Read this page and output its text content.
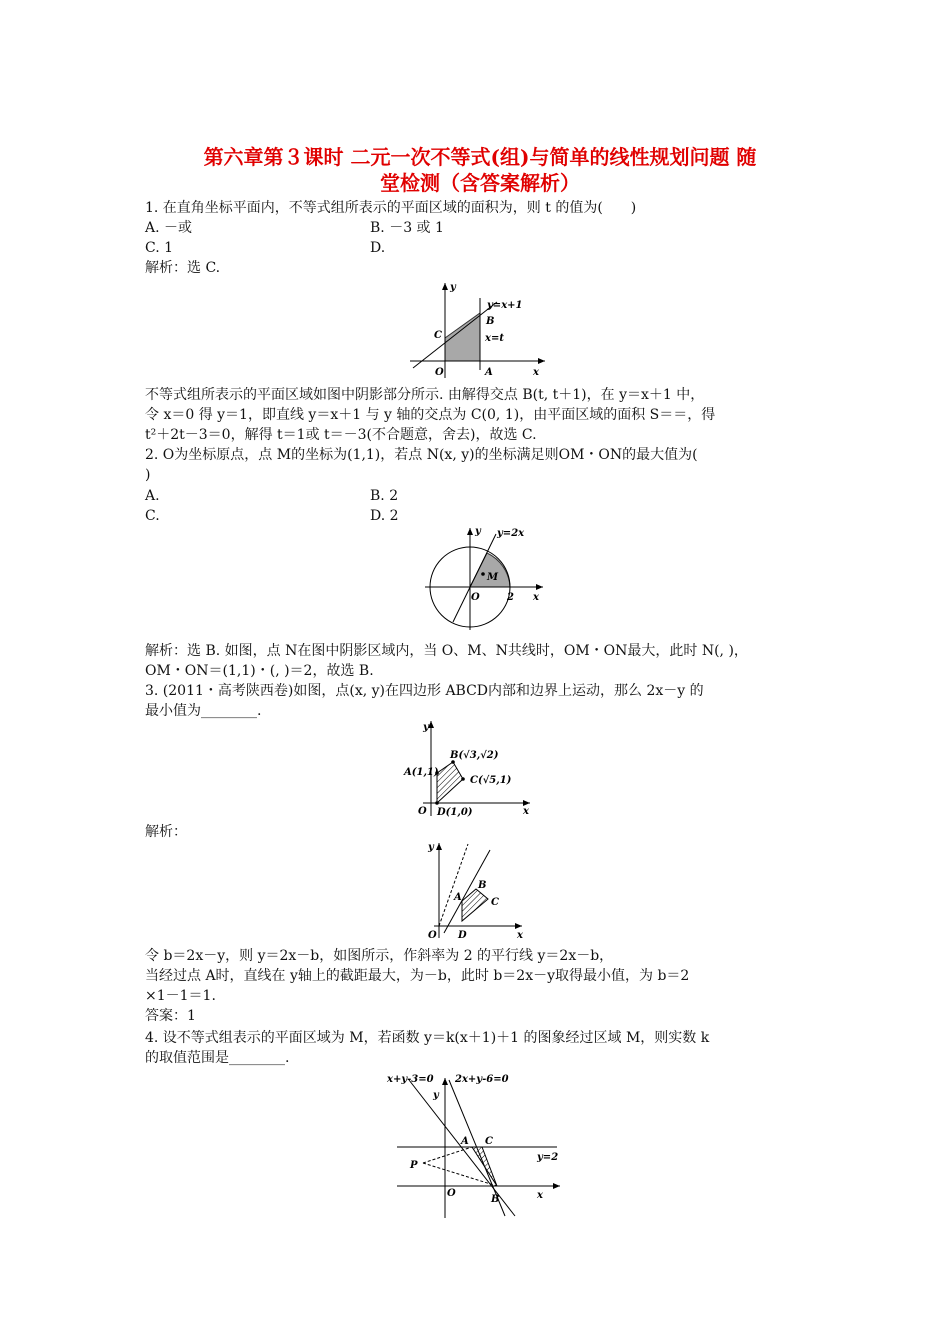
第六章第３课时 二元一次不等式(组)与简单的线性规划问题 随
堂检测（含答案解析）
1. 在直角坐标平面内，不等式组所表示的平面区域的面积为，则 t 的值为(　　)
A. －或	B. －3 或 1
C. 1	D.
解析：选 C.
y
x
y=x+1
B
x=t
C
O	A
不等式组所表示的平面区域如图中阴影部分所示. 由解得交点 B(t, t＋1)，在 y＝x＋1 中，
令 x＝0 得 y＝1，即直线 y＝x＋1 与 y 轴的交点为 C(0, 1)，由平面区域的面积 S＝＝，得
t²＋2t－3＝0，解得 t＝1或 t＝－3(不合题意，舍去)，故选 C.
2. O为坐标原点，点 M的坐标为(1,1)，若点 N(x, y)的坐标满足则OM・ON的最大值为(
)
A.	B. 2
C.	D. 2
y
x
y=2x
M
O	2
解析：选 B. 如图，点 N在图中阴影区域内，当 O、M、N共线时，OM・ON最大，此时 N(, )，
OM・ON＝(1,1)・(, )＝2，故选 B.
3. (2011・高考陕西卷)如图，点(x, y)在四边形 ABCD内部和边界上运动，那么 2x－y 的
最小值为________.
y
x
O
A(1,1)
B(√3,√2)
C(√5,1)
D(1,0)
解析：
y
x
O
A
B
C
D
令 b＝2x－y，则 y＝2x－b，如图所示，作斜率为 2 的平行线 y＝2x－b，
当经过点 A时，直线在 y轴上的截距最大，为－b，此时 b＝2x－y取得最小值，为 b＝2
×1－1＝1.
答案：1
4. 设不等式组表示的平面区域为 M，若函数 y＝k(x＋1)＋1 的图象经过区域 M，则实数 k
的取值范围是________.
x+y-3=0 2x+y-6=0
y
A C
y=2
P
O	x
B
